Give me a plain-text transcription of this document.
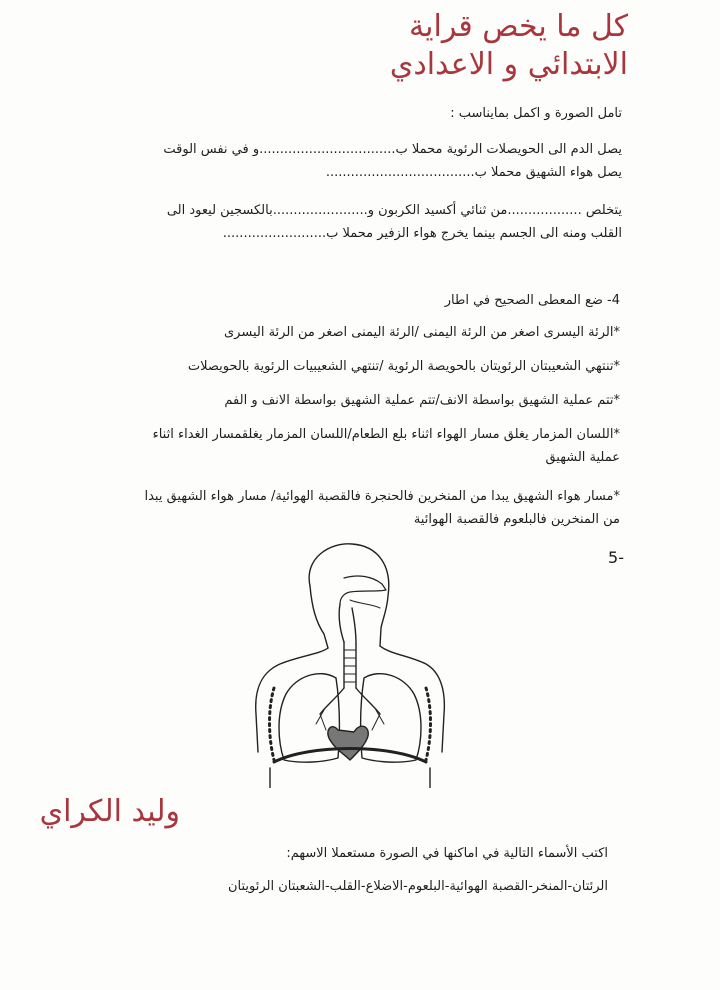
كل ما يخص قراية
الابتدائي و الاعدادي
تامل الصورة و اكمل بمايناسب :
يصل الدم الى الحويصلات الرئوية محملا ب.................................و في نفس الوقت
يصل هواء الشهيق محملا ب....................................
يتخلص ..................من ثنائي أكسيد الكربون و.......................بالكسجين ليعود الى
القلب ومنه الى الجسم بينما يخرج هواء الزفير محملا ب.........................
4- ضع المعطى الصحيح في اطار
*الرئة اليسرى اصغر من الرئة اليمنى /الرئة اليمنى اصغر من الرئة اليسرى
*تنتهي الشعيبتان الرئويتان بالحويصة الرئوية /تنتهي الشعيبيات الرئوية بالحويصلات
*تتم عملية الشهيق بواسطة الانف/تتم عملية الشهيق بواسطة الانف و الفم
*اللسان المزمار يغلق مسار الهواء اثناء بلع الطعام/اللسان المزمار يغلقمسار الغداء اثناء
عملية الشهيق
*مسار هواء الشهيق يبدا من المنخرين فالحنجرة فالقصبة الهوائية/ مسار هواء الشهيق يبدا
من المنخرين فالبلعوم فالقصبة الهوائية
5-
وليد الكراي
اكتب الأسماء التالية في اماكنها في الصورة مستعملا الاسهم:
الرئتان-المنخر-القصبة الهوائية-البلعوم-الاضلاع-القلب-الشعبتان الرئويتان
